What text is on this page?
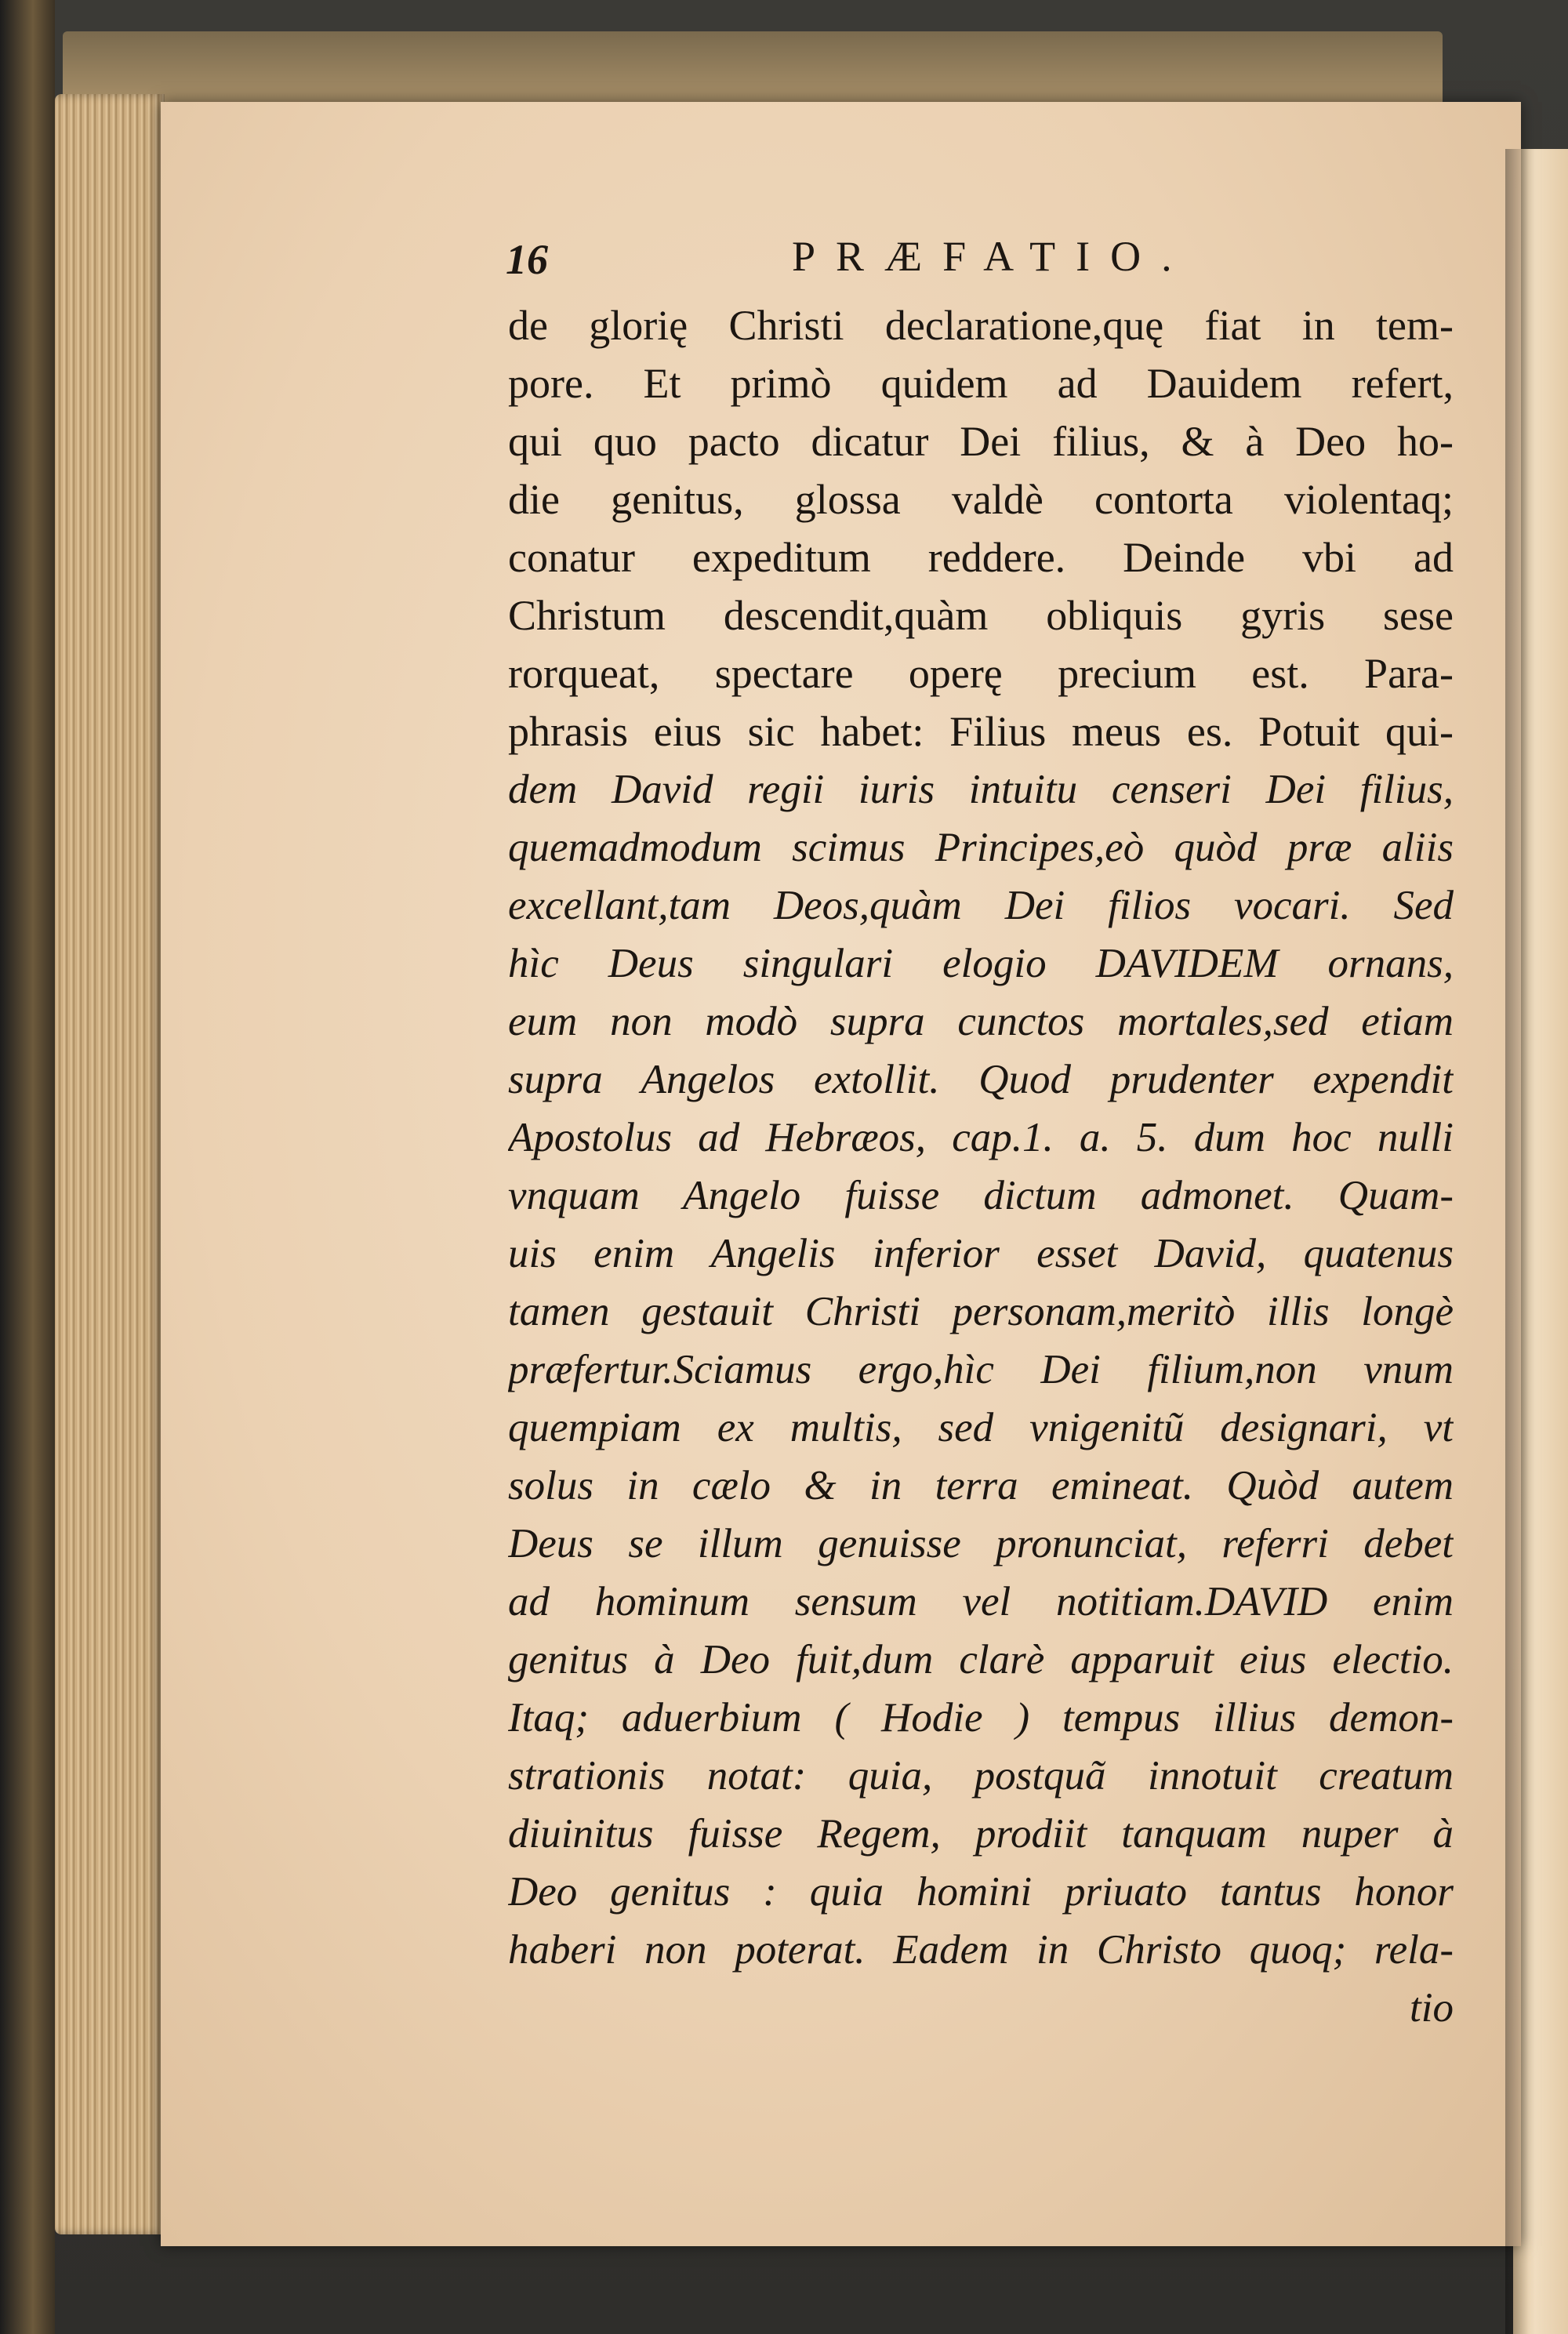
16	PRÆFATIO.
de glorię Christi declaratione,quę fiat in tem-
pore. Et primò quidem ad Dauidem refert,
qui quo pacto dicatur Dei filius, & à Deo ho-
die genitus, glossa valdè contorta violentaq;
conatur expeditum reddere. Deinde vbi ad
Christum descendit,quàm obliquis gyris sese
rorqueat, spectare operę precium est. Para-
phrasis eius sic habet: Filius meus es. Potuit qui-
dem David regii iuris intuitu censeri Dei filius,
quemadmodum scimus Principes,eò quòd præ aliis
excellant,tam Deos,quàm Dei filios vocari. Sed
hìc Deus singulari elogio DAVIDEM ornans,
eum non modò supra cunctos mortales,sed etiam
supra Angelos extollit. Quod prudenter expendit
Apostolus ad Hebræos, cap.1. a. 5. dum hoc nulli
vnquam Angelo fuisse dictum admonet. Quam-
uis enim Angelis inferior esset David, quatenus
tamen gestauit Christi personam,meritò illis longè
præfertur.Sciamus ergo,hìc Dei filium,non vnum
quempiam ex multis, sed vnigenitũ designari, vt
solus in cælo & in terra emineat. Quòd autem
Deus se illum genuisse pronunciat, referri debet
ad hominum sensum vel notitiam.DAVID enim
genitus à Deo fuit,dum clarè apparuit eius electio.
Itaq; aduerbium ( Hodie ) tempus illius demon-
strationis notat: quia, postquã innotuit creatum
diuinitus fuisse Regem, prodiit tanquam nuper à
Deo genitus : quia homini priuato tantus honor
haberi non poterat. Eadem in Christo quoq; rela-
tio
